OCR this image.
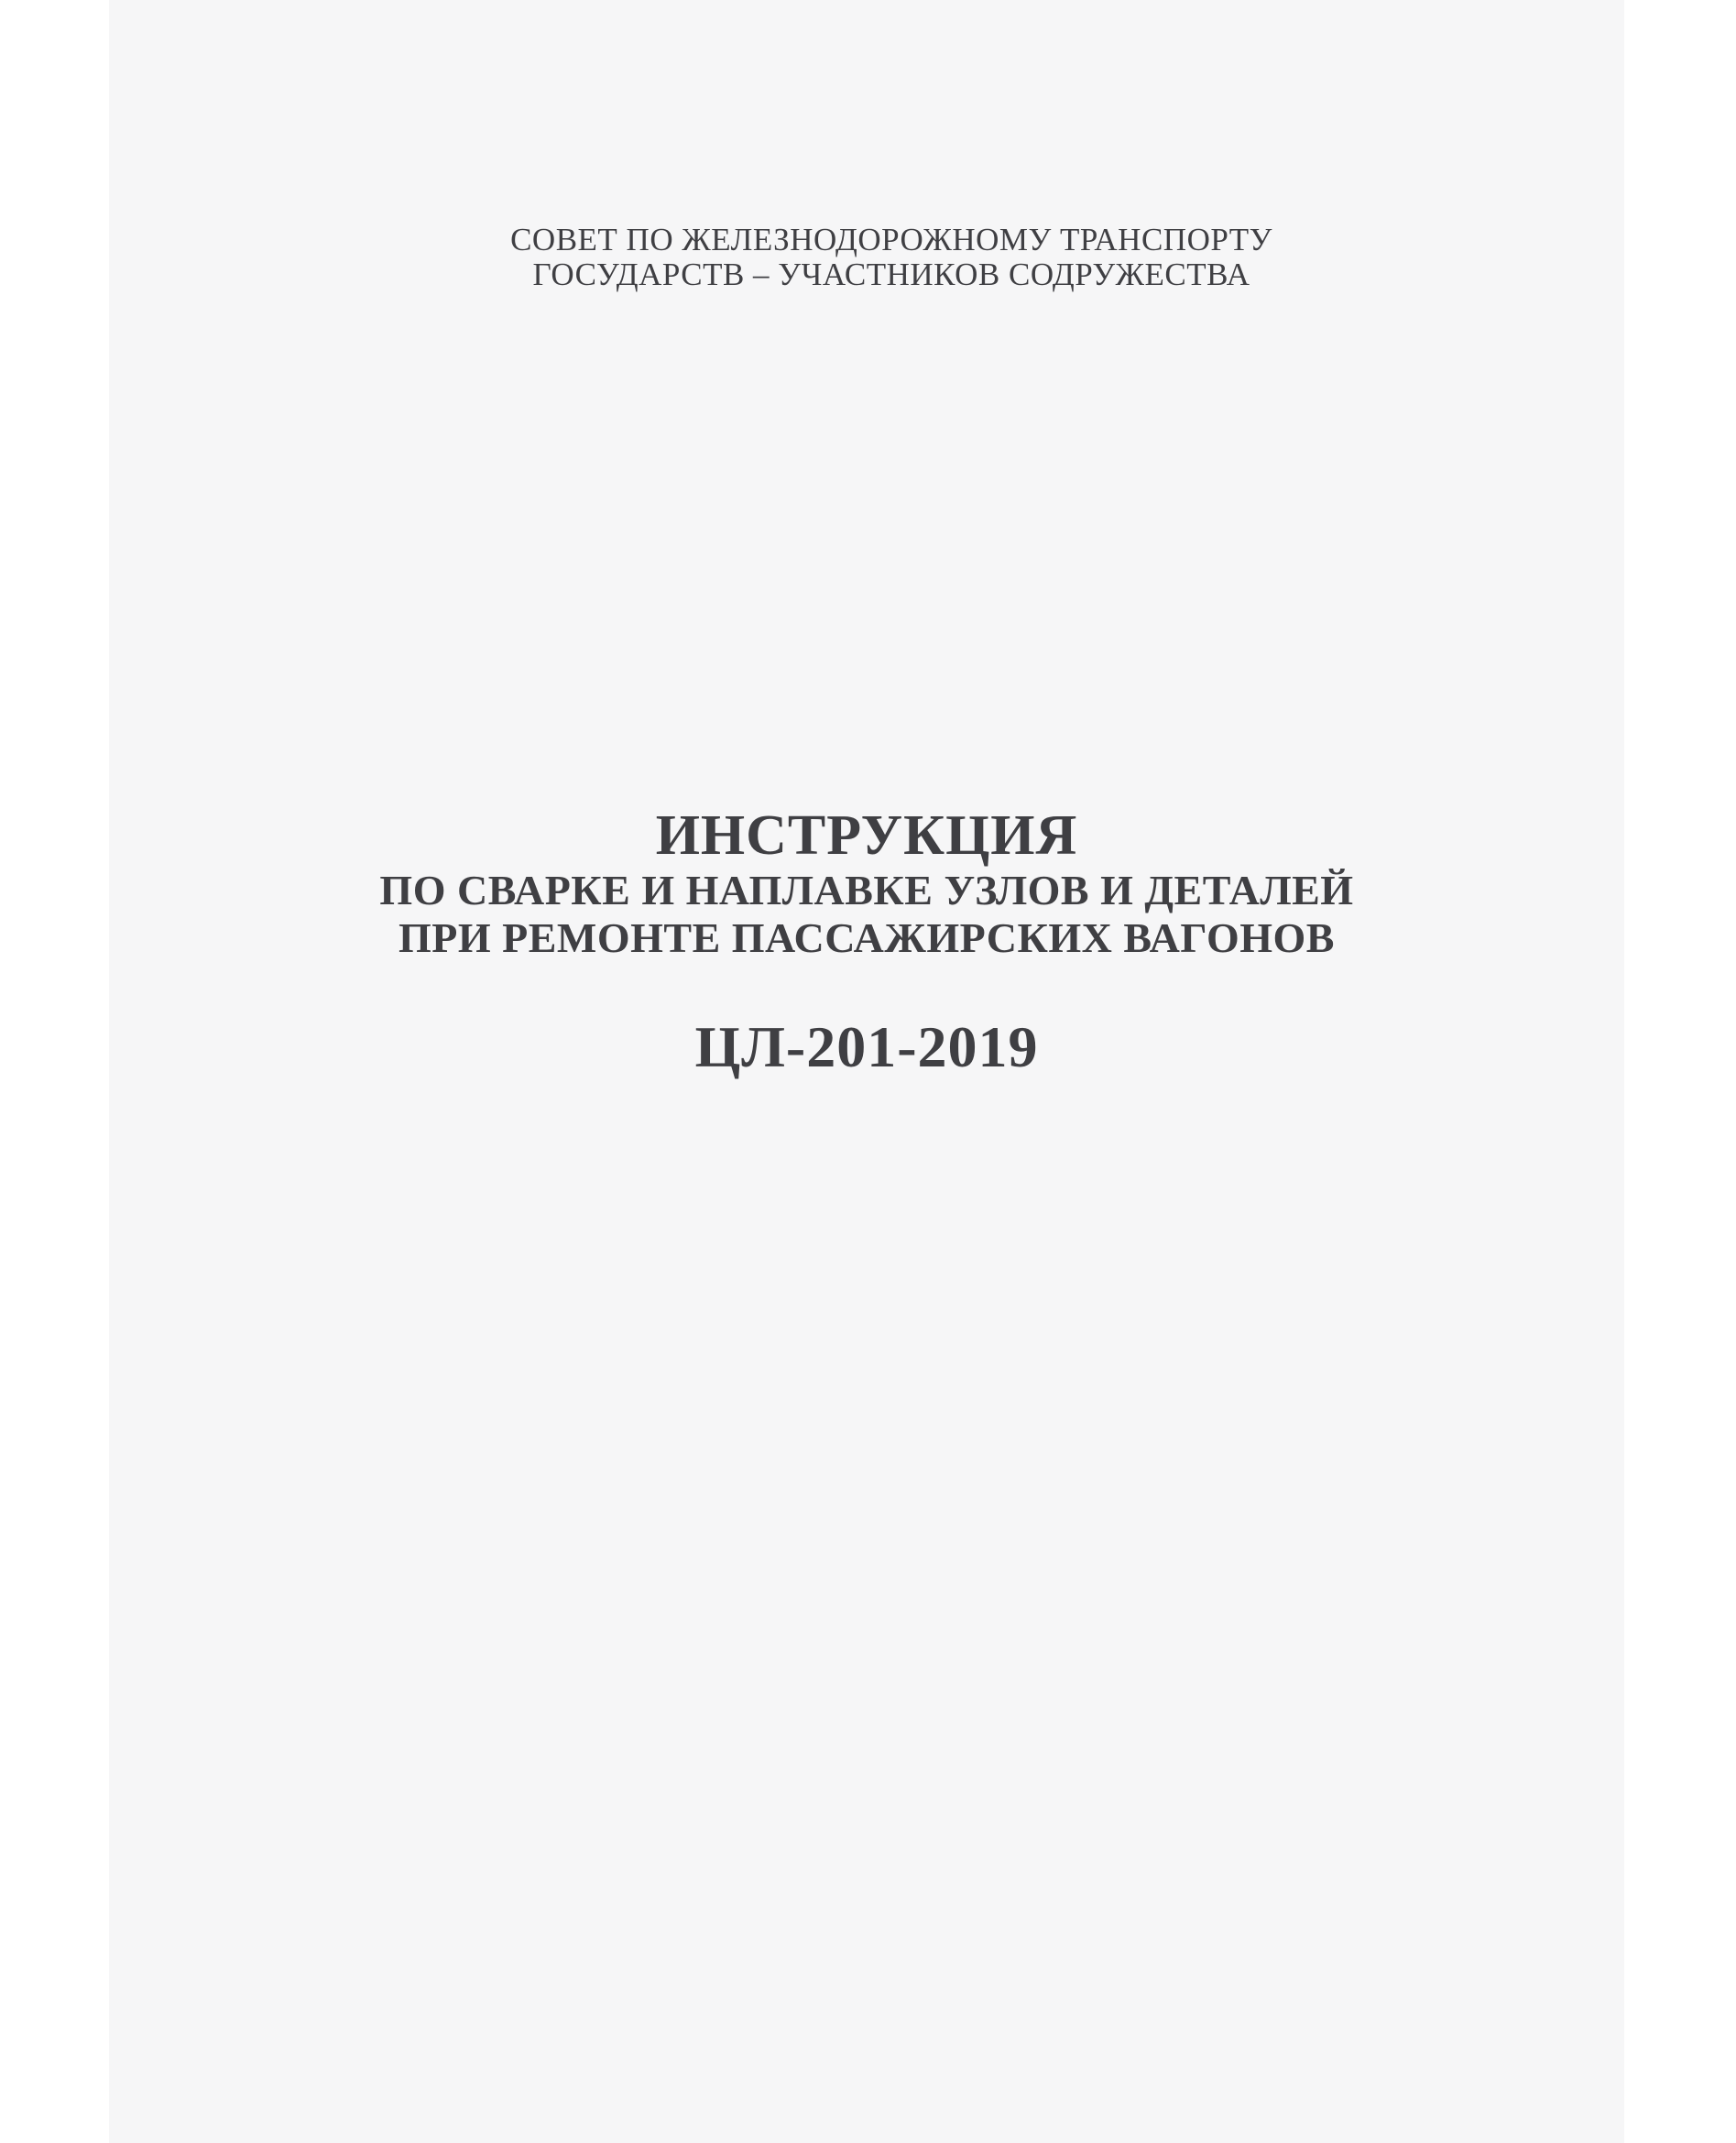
СОВЕТ ПО ЖЕЛЕЗНОДОРОЖНОМУ ТРАНСПОРТУ
ГОСУДАРСТВ – УЧАСТНИКОВ СОДРУЖЕСТВА
ИНСТРУКЦИЯ
ПО СВАРКЕ И НАПЛАВКЕ УЗЛОВ И ДЕТАЛЕЙ
ПРИ РЕМОНТЕ ПАССАЖИРСКИХ ВАГОНОВ
ЦЛ-201-2019
